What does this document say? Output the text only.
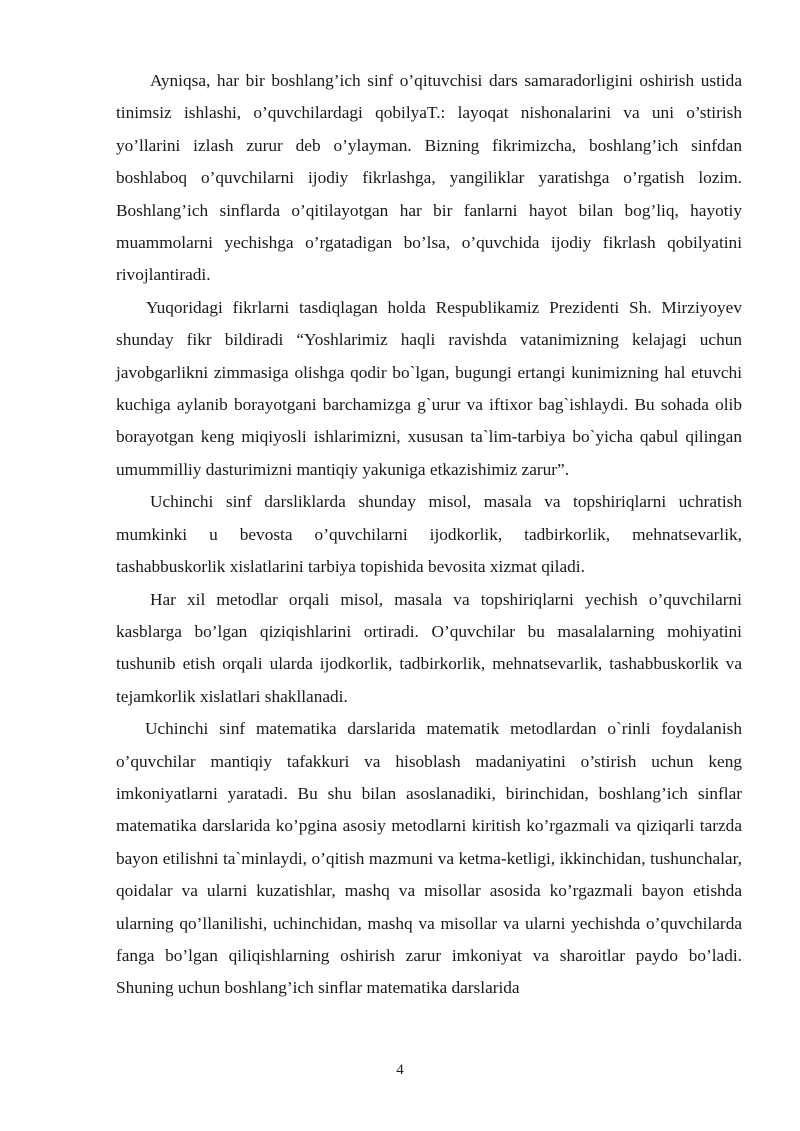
Ayniqsa, har bir boshlang’ich sinf o’qituvchisi dars samaradorligini oshirish ustida tinimsiz ishlashi, o’quvchilardagi qobilyaT.: layoqat nishonalarini va uni o’stirish yo’llarini izlash zurur deb o’ylayman. Bizning fikrimizcha, boshlang’ich sinfdan boshlaboq o’quvchilarni ijodiy fikrlashga, yangiliklar yaratishga o’rgatish lozim. Boshlang’ich sinflarda o’qitilayotgan har bir fanlarni hayot bilan bog’liq, hayotiy muammolarni yechishga o’rgatadigan bo’lsa, o’quvchida ijodiy fikrlash qobilyatini rivojlantiradi.

Yuqoridagi fikrlarni tasdiqlagan holda Respublikamiz Prezidenti Sh. Mirziyoyev shunday fikr bildiradi “Yoshlarimiz haqli ravishda vatanimizning kelajagi uchun javobgarlikni zimmasiga olishga qodir bo`lgan, bugungi ertangi kunimizning hal etuvchi kuchiga aylanib borayotgani barchamizga g`urur va iftixor bag`ishlaydi. Bu sohada olib borayotgan keng miqiyosli ishlarimizni, xususan ta`lim-tarbiya bo`yicha qabul qilingan umummilliy dasturimizni mantiqiy yakuniga etkazishimiz zarur”.

Uchinchi sinf darsliklarda shunday misol, masala va topshiriqlarni uchratish mumkinki u bevosta o’quvchilarni ijodkorlik, tadbirkorlik, mehnatsevarlik, tashabbuskorlik xislatlarini tarbiya topishida bevosita xizmat qiladi.

Har xil metodlar orqali misol, masala va topshiriqlarni yechish o’quvchilarni kasblarga bo’lgan qiziqishlarini ortiradi. O’quvchilar bu masalalarning mohiyatini tushunib etish orqali ularda ijodkorlik, tadbirkorlik, mehnatsevarlik, tashabbuskorlik va tejamkorlik xislatlari shakllanadi.

Uchinchi sinf matematika darslarida matematik metodlardan o`rinli foydalanish o’quvchilar mantiqiy tafakkuri va hisoblash madaniyatini o’stirish uchun keng imkoniyatlarni yaratadi. Bu shu bilan asoslanadiki, birinchidan, boshlang’ich sinflar matematika darslarida ko’pgina asosiy metodlarni kiritish ko’rgazmali va qiziqarli tarzda bayon etilishni ta`minlaydi, o’qitish mazmuni va ketma-ketligi, ikkinchidan, tushunchalar, qoidalar va ularni kuzatishlar, mashq va misollar asosida ko’rgazmali bayon etishda ularning qo’llanilishi, uchinchidan, mashq va misollar va ularni yechishda o’quvchilarda fanga bo’lgan qiliqishlarning oshirish zarur imkoniyat va sharoitlar paydo bo’ladi. Shuning uchun boshlang’ich sinflar matematika darslarida

4
